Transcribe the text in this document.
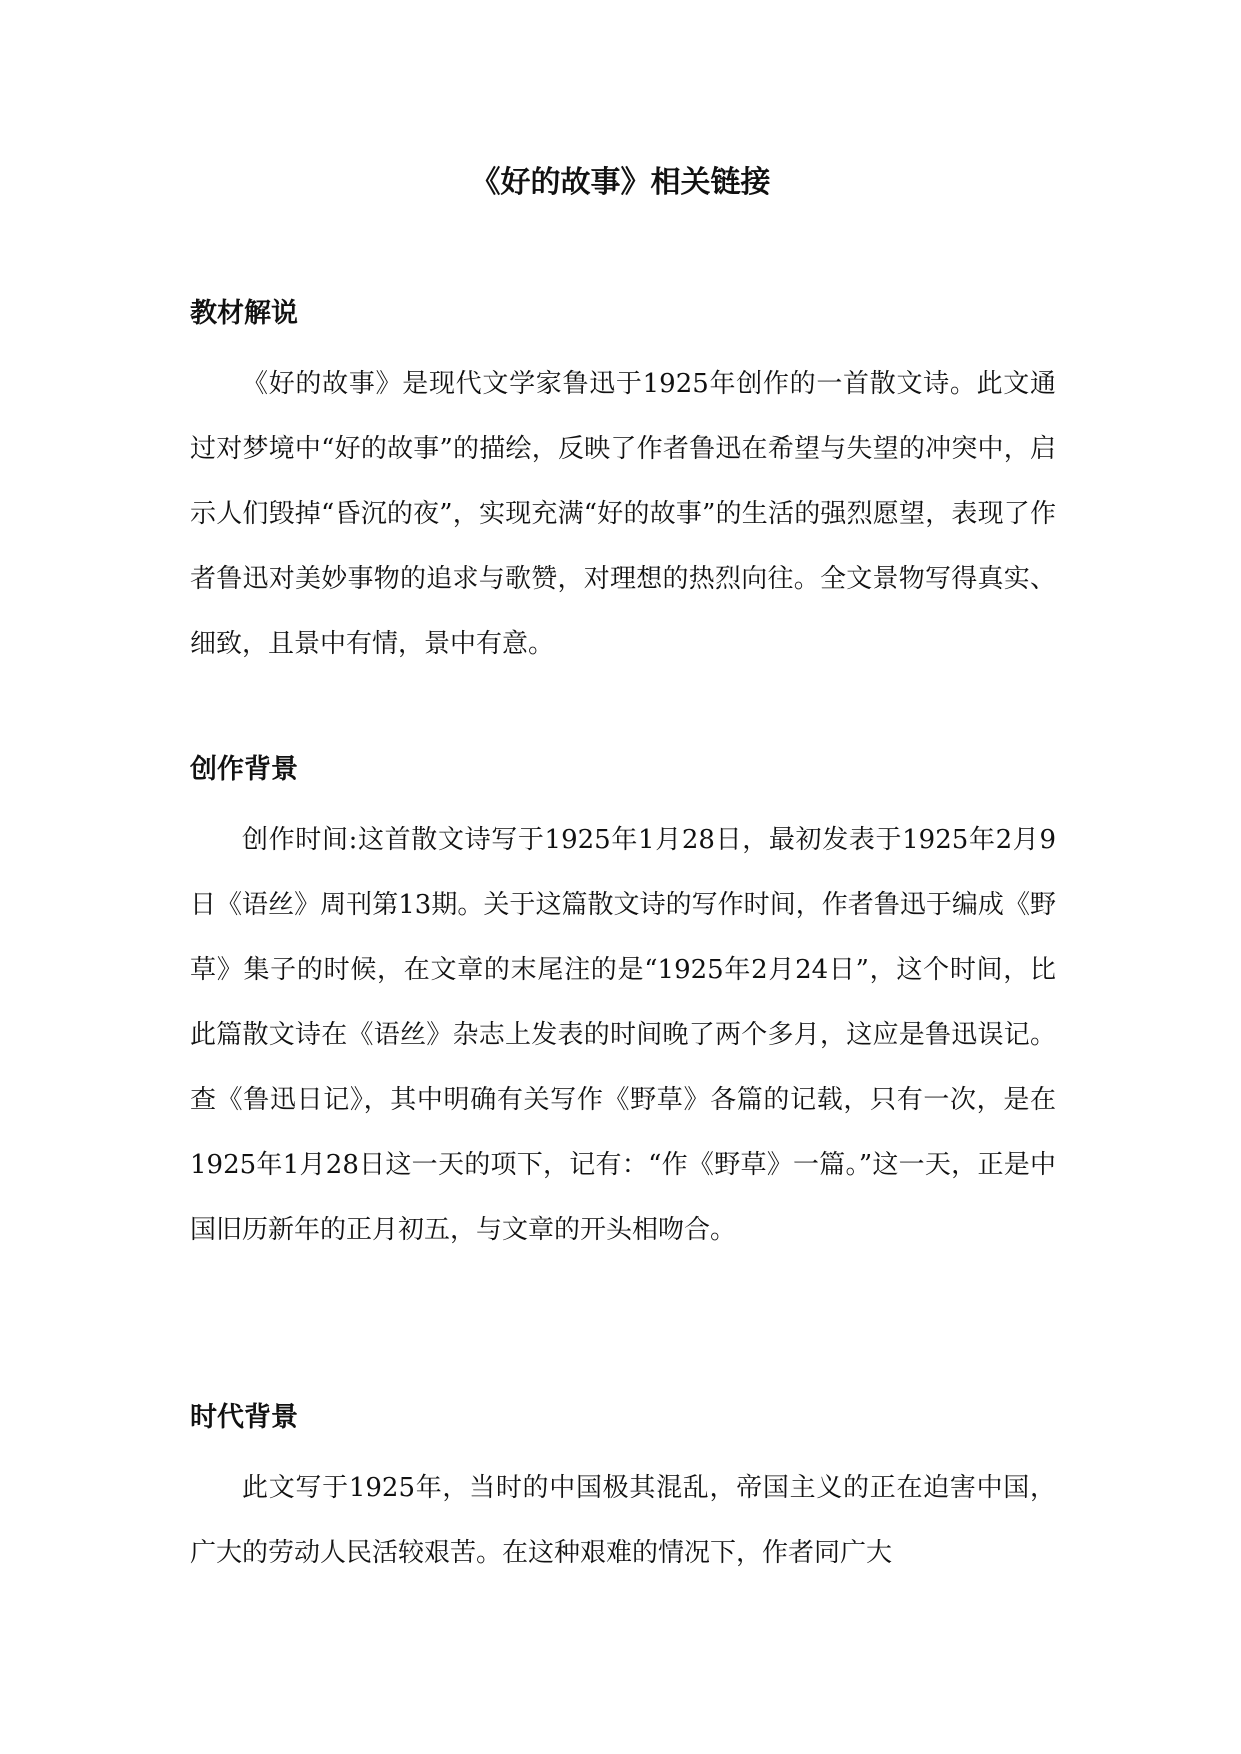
《好的故事》相关链接
教材解说

《好的故事》是现代文学家鲁迅于1925年创作的一首散文诗。此文通过对梦境中“好的故事”的描绘，反映了作者鲁迅在希望与失望的冲突中，启示人们毁掉“昏沉的夜”，实现充满“好的故事”的生活的强烈愿望，表现了作者鲁迅对美妙事物的追求与歌赞，对理想的热烈向往。全文景物写得真实、细致，且景中有情，景中有意。

创作背景

创作时间:这首散文诗写于1925年1月28日，最初发表于1925年2月9日《语丝》周刊第13期。关于这篇散文诗的写作时间，作者鲁迅于编成《野草》集子的时候，在文章的末尾注的是“1925年2月24日”，这个时间，比此篇散文诗在《语丝》杂志上发表的时间晚了两个多月，这应是鲁迅误记。查《鲁迅日记》，其中明确有关写作《野草》各篇的记载，只有一次，是在1925年1月28日这一天的项下，记有：“作《野草》一篇。”这一天，正是中国旧历新年的正月初五，与文章的开头相吻合。

时代背景

此文写于1925年，当时的中国极其混乱，帝国主义的正在迫害中国，广大的劳动人民活较艰苦。在这种艰难的情况下，作者同广大
